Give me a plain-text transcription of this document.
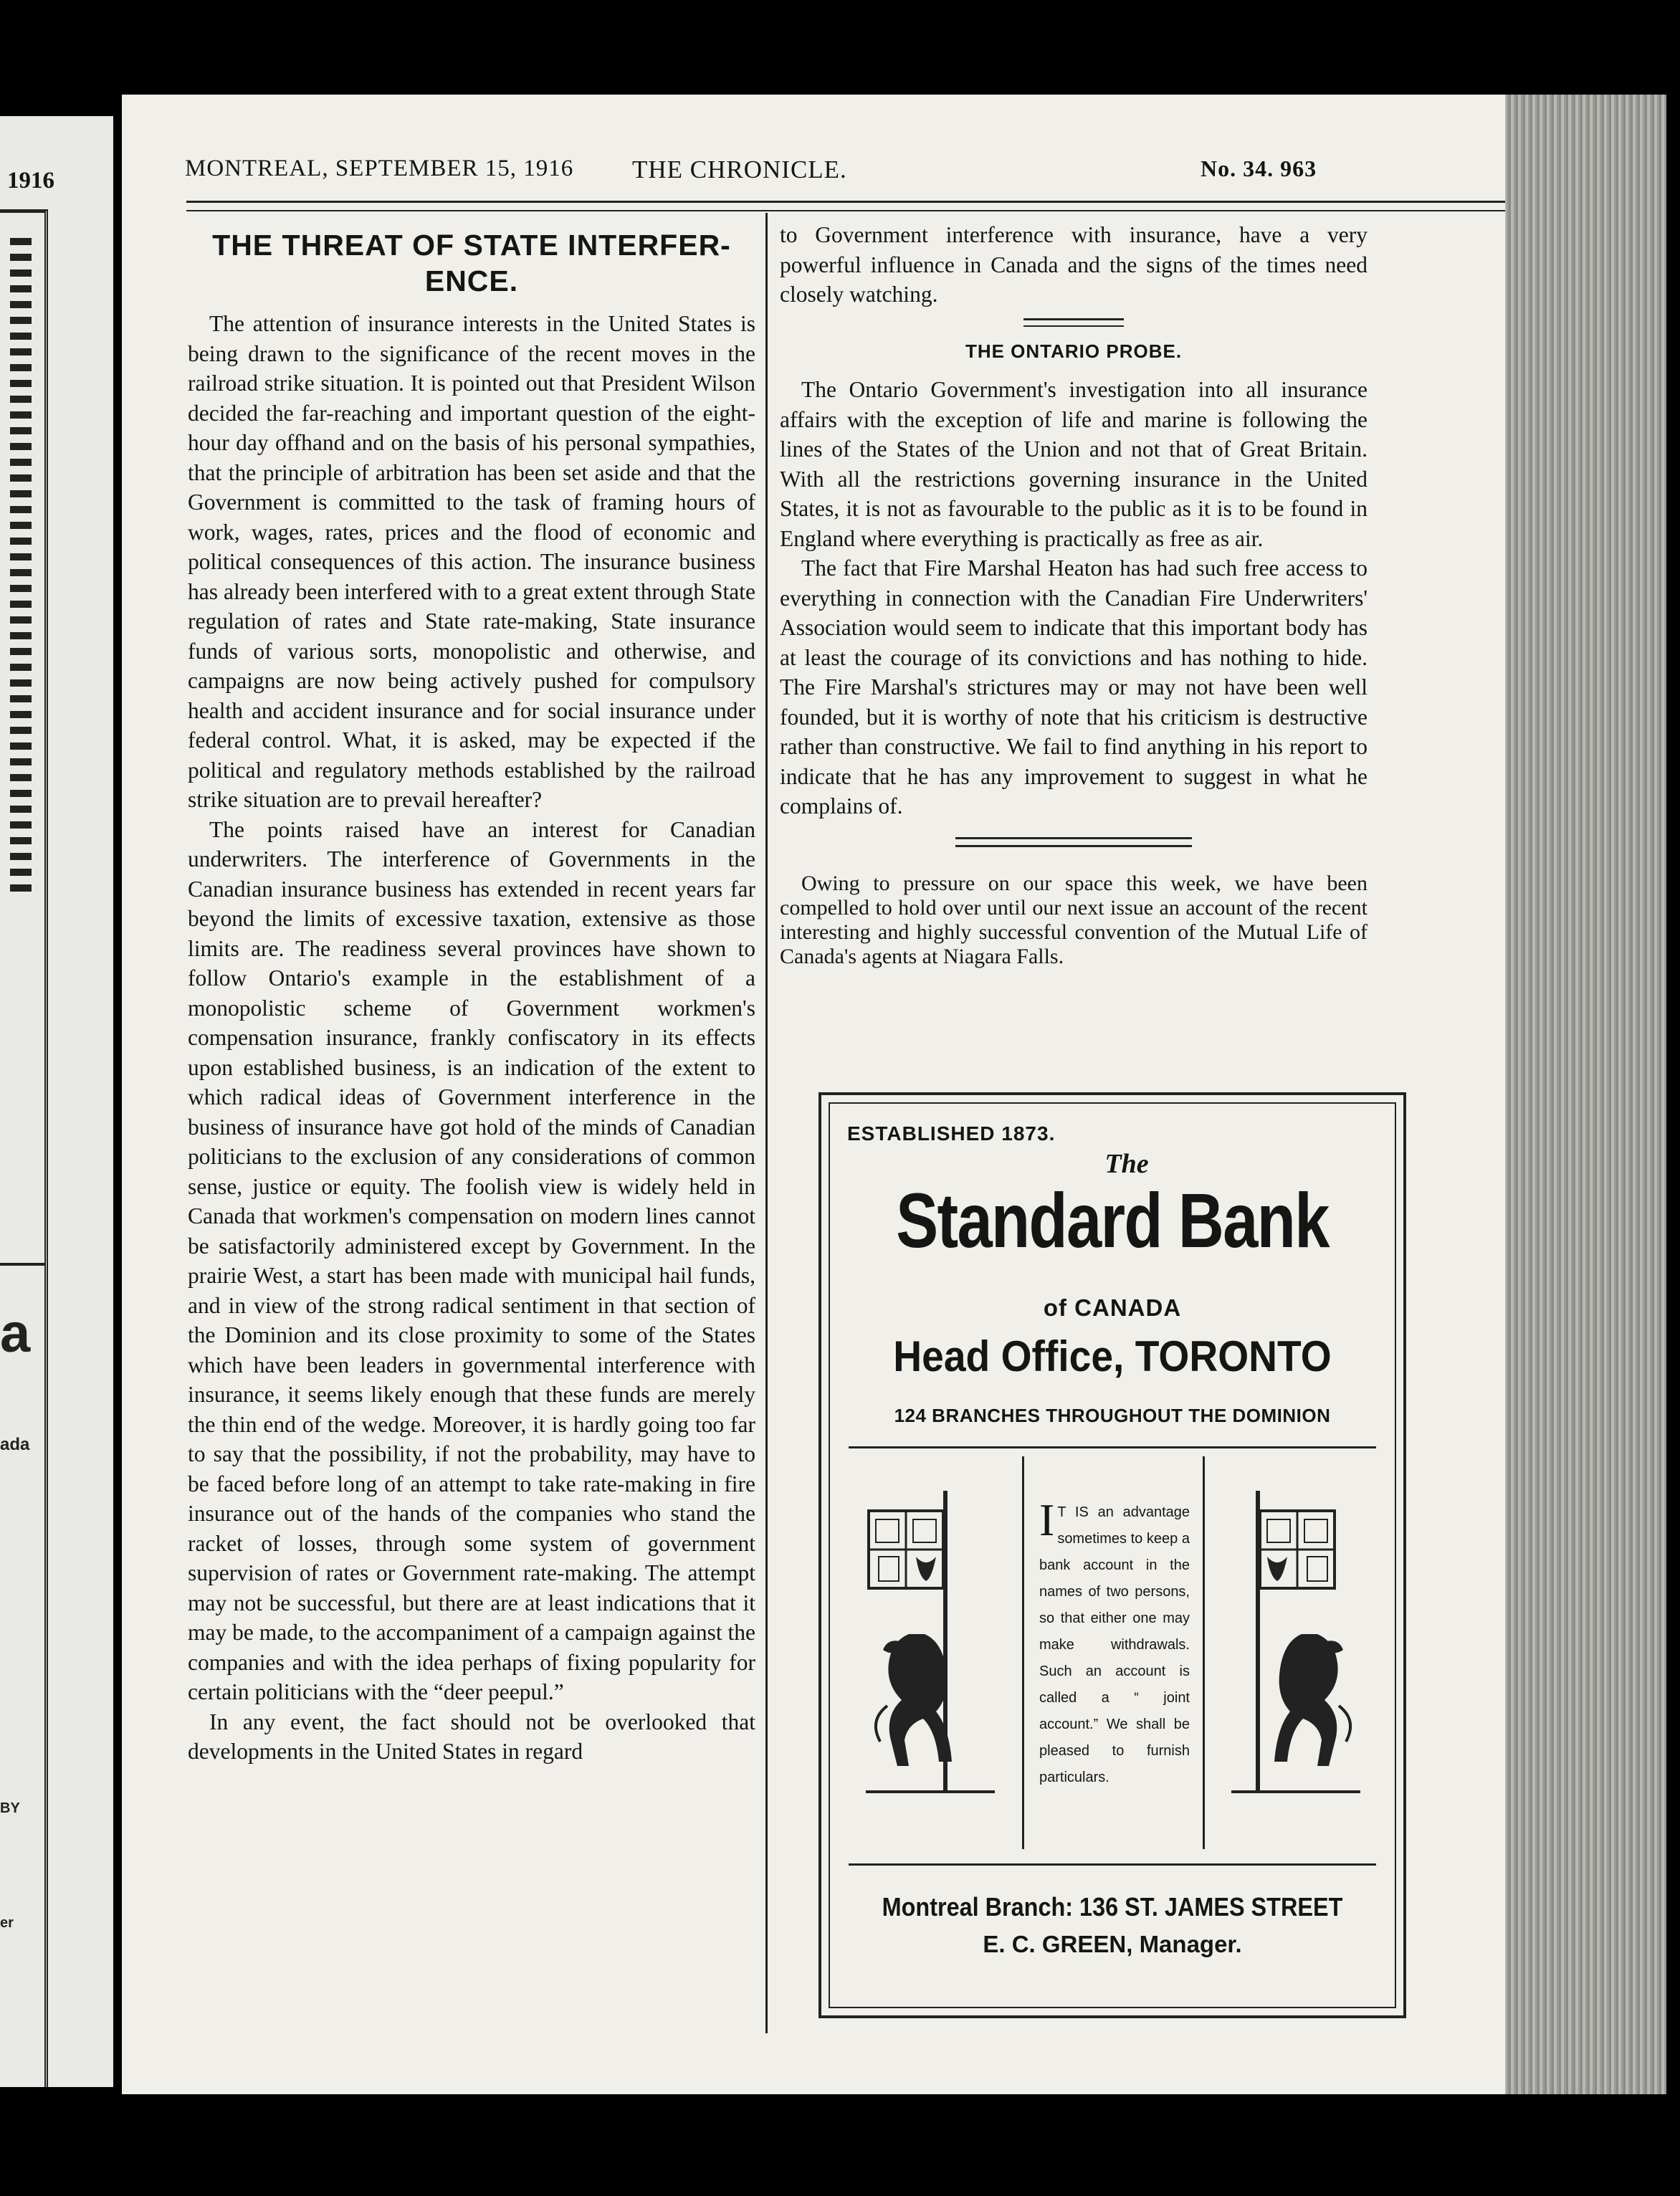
1916
a
ada
BY
er
MONTREAL, SEPTEMBER 15, 1916 THE CHRONICLE.	No. 34. 963
THE THREAT OF STATE INTERFER-ENCE.

The attention of insurance interests in the United States is being drawn to the significance of the recent moves in the railroad strike situation. It is pointed out that President Wilson decided the far-reaching and important question of the eight-hour day offhand and on the basis of his personal sympathies, that the principle of arbitration has been set aside and that the Government is committed to the task of framing hours of work, wages, rates, prices and the flood of economic and political consequences of this action. The insurance business has already been interfered with to a great extent through State regulation of rates and State rate-making, State insurance funds of various sorts, monopolistic and otherwise, and campaigns are now being actively pushed for compulsory health and accident insurance and for social insurance under federal control. What, it is asked, may be expected if the political and regulatory methods established by the railroad strike situation are to prevail hereafter?

The points raised have an interest for Canadian underwriters. The interference of Governments in the Canadian insurance business has extended in recent years far beyond the limits of excessive taxation, extensive as those limits are. The readiness several provinces have shown to follow Ontario's example in the establishment of a monopolistic scheme of Government workmen's compensation insurance, frankly confiscatory in its effects upon established business, is an indication of the extent to which radical ideas of Government interference in the business of insurance have got hold of the minds of Canadian politicians to the exclusion of any considerations of common sense, justice or equity. The foolish view is widely held in Canada that workmen's compensation on modern lines cannot be satisfactorily administered except by Government. In the prairie West, a start has been made with municipal hail funds, and in view of the strong radical sentiment in that section of the Dominion and its close proximity to some of the States which have been leaders in governmental interference with insurance, it seems likely enough that these funds are merely the thin end of the wedge. Moreover, it is hardly going too far to say that the possibility, if not the probability, may have to be faced before long of an attempt to take rate-making in fire insurance out of the hands of the companies who stand the racket of losses, through some system of government supervision of rates or Government rate-making. The attempt may not be successful, but there are at least indications that it may be made, to the accompaniment of a campaign against the companies and with the idea perhaps of fixing popularity for certain politicians with the “deer peepul.”

In any event, the fact should not be overlooked that developments in the United States in regard

to Government interference with insurance, have a very powerful influence in Canada and the signs of the times need closely watching.

THE ONTARIO PROBE.

The Ontario Government's investigation into all insurance affairs with the exception of life and marine is following the lines of the States of the Union and not that of Great Britain. With all the restrictions governing insurance in the United States, it is not as favourable to the public as it is to be found in England where everything is practically as free as air.

The fact that Fire Marshal Heaton has had such free access to everything in connection with the Canadian Fire Underwriters' Association would seem to indicate that this important body has at least the courage of its convictions and has nothing to hide. The Fire Marshal's strictures may or may not have been well founded, but it is worthy of note that his criticism is destructive rather than constructive. We fail to find anything in his report to indicate that he has any improvement to suggest in what he complains of.

Owing to pressure on our space this week, we have been compelled to hold over until our next issue an account of the recent interesting and highly successful convention of the Mutual Life of Canada's agents at Niagara Falls.

ESTABLISHED 1873.
The
Standard Bank
of CANADA
Head Office, TORONTO
124 BRANCHES THROUGHOUT THE DOMINION
I T IS an advantage sometimes to keep a bank account in the names of two persons, so that either one may make withdrawals. Such an account is called a “ joint account.” We shall be pleased to furnish particulars.
Montreal Branch: 136 ST. JAMES STREET
E. C. GREEN, Manager.
